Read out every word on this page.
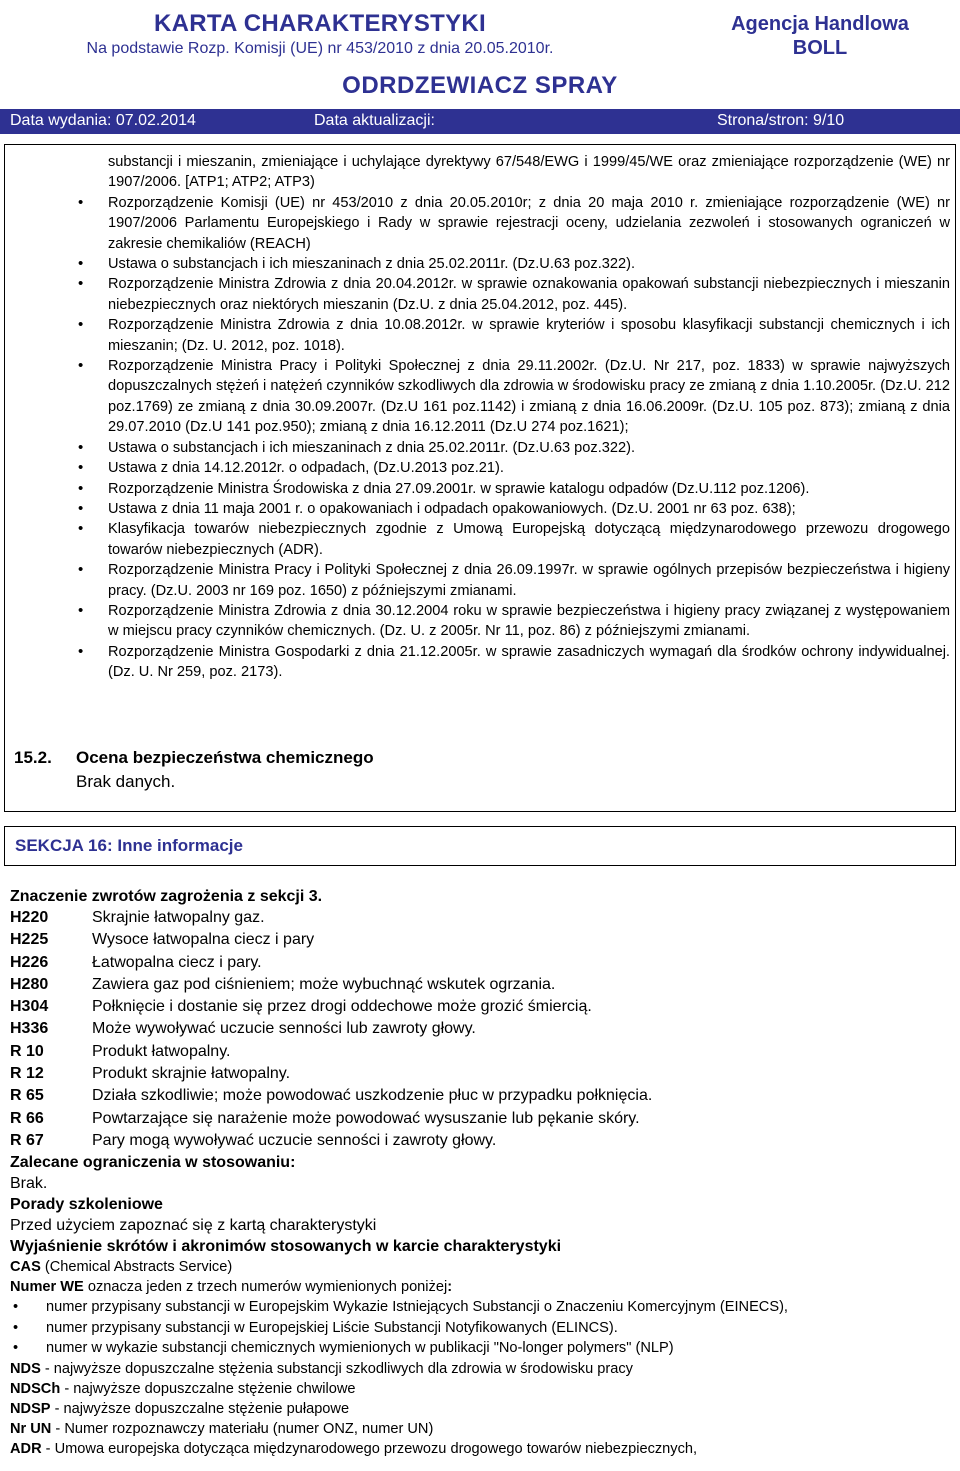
KARTA CHARAKTERYSTYKI
Na podstawie Rozp. Komisji (UE) nr 453/2010 z dnia 20.05.2010r.
Agencja Handlowa
BOLL
ODRDZEWIACZ SPRAY
Data wydania: 07.02.2014	Data aktualizacji:	Strona/stron: 9/10

substancji i mieszanin, zmieniające i uchylające dyrektywy 67/548/EWG i 1999/45/WE oraz zmieniające rozporządzenie (WE) nr 1907/2006. [ATP1; ATP2; ATP3)

• Rozporządzenie Komisji (UE) nr 453/2010 z dnia 20.05.2010r; z dnia 20 maja 2010 r. zmieniające rozporządzenie (WE) nr 1907/2006 Parlamentu Europejskiego i Rady w sprawie rejestracji oceny, udzielania zezwoleń i stosowanych ograniczeń w zakresie chemikaliów (REACH)
• Ustawa o substancjach i ich mieszaninach z dnia 25.02.2011r. (Dz.U.63 poz.322).
• Rozporządzenie Ministra Zdrowia z dnia 20.04.2012r. w sprawie oznakowania opakowań substancji niebezpiecznych i mieszanin niebezpiecznych oraz niektórych mieszanin (Dz.U. z dnia 25.04.2012, poz. 445).
• Rozporządzenie Ministra Zdrowia z dnia 10.08.2012r. w sprawie kryteriów i sposobu klasyfikacji substancji chemicznych i ich mieszanin; (Dz. U. 2012, poz. 1018).
• Rozporządzenie Ministra Pracy i Polityki Społecznej z dnia 29.11.2002r. (Dz.U. Nr 217, poz. 1833) w sprawie najwyższych dopuszczalnych stężeń i natężeń czynników szkodliwych dla zdrowia w środowisku pracy ze zmianą z dnia 1.10.2005r. (Dz.U. 212 poz.1769) ze zmianą z dnia 30.09.2007r. (Dz.U 161 poz.1142) i zmianą z dnia 16.06.2009r. (Dz.U. 105 poz. 873); zmianą z dnia 29.07.2010 (Dz.U 141 poz.950); zmianą z dnia 16.12.2011 (Dz.U 274 poz.1621);
• Ustawa o substancjach i ich mieszaninach z dnia 25.02.2011r. (Dz.U.63 poz.322).
• Ustawa z dnia 14.12.2012r. o odpadach, (Dz.U.2013 poz.21).
• Rozporządzenie Ministra Środowiska z dnia 27.09.2001r. w sprawie katalogu odpadów (Dz.U.112 poz.1206).
• Ustawa z dnia 11 maja 2001 r. o opakowaniach i odpadach opakowaniowych. (Dz.U. 2001 nr 63 poz. 638);
• Klasyfikacja towarów niebezpiecznych zgodnie z Umową Europejską dotyczącą międzynarodowego przewozu drogowego towarów niebezpiecznych (ADR).
• Rozporządzenie Ministra Pracy i Polityki Społecznej z dnia 26.09.1997r. w sprawie ogólnych przepisów bezpieczeństwa i higieny pracy. (Dz.U. 2003 nr 169 poz. 1650) z późniejszymi zmianami.
• Rozporządzenie Ministra Zdrowia z dnia 30.12.2004 roku w sprawie bezpieczeństwa i higieny pracy związanej z występowaniem w miejscu pracy czynników chemicznych. (Dz. U. z 2005r. Nr 11, poz. 86) z późniejszymi zmianami.
• Rozporządzenie Ministra Gospodarki z dnia 21.12.2005r. w sprawie zasadniczych wymagań dla środków ochrony indywidualnej. (Dz. U. Nr 259, poz. 2173).
15.2. Ocena bezpieczeństwa chemicznego
Brak danych.
SEKCJA 16: Inne informacje
Znaczenie zwrotów zagrożenia z sekcji 3.
H220	Skrajnie łatwopalny gaz.
H225	Wysoce łatwopalna ciecz i pary
H226	Łatwopalna ciecz i pary.
H280	Zawiera gaz pod ciśnieniem; może wybuchnąć wskutek ogrzania.
H304	Połknięcie i dostanie się przez drogi oddechowe może grozić śmiercią.
H336	Może wywoływać uczucie senności lub zawroty głowy.
R 10	Produkt łatwopalny.
R 12	Produkt skrajnie łatwopalny.
R 65	Działa szkodliwie; może powodować uszkodzenie płuc w przypadku połknięcia.
R 66	Powtarzające się narażenie może powodować wysuszanie lub pękanie skóry.
R 67	Pary mogą wywoływać uczucie senności i zawroty głowy.
Zalecane ograniczenia w stosowaniu:
Brak.
Porady szkoleniowe
Przed użyciem zapoznać się z kartą charakterystyki
Wyjaśnienie skrótów i akronimów stosowanych w karcie charakterystyki
CAS (Chemical Abstracts Service)
Numer WE oznacza jeden z trzech numerów wymienionych poniżej:
• numer przypisany substancji w Europejskim Wykazie Istniejących Substancji o Znaczeniu Komercyjnym (EINECS),
• numer przypisany substancji w Europejskiej Liście Substancji Notyfikowanych (ELINCS).
• numer w wykazie substancji chemicznych wymienionych w publikacji "No-longer polymers" (NLP)
NDS - najwyższe dopuszczalne stężenia substancji szkodliwych dla zdrowia w środowisku pracy
NDSCh - najwyższe dopuszczalne stężenie chwilowe
NDSP - najwyższe dopuszczalne stężenie pułapowe
Nr UN - Numer rozpoznawczy materiału (numer ONZ, numer UN)
ADR - Umowa europejska dotycząca międzynarodowego przewozu drogowego towarów niebezpiecznych,
